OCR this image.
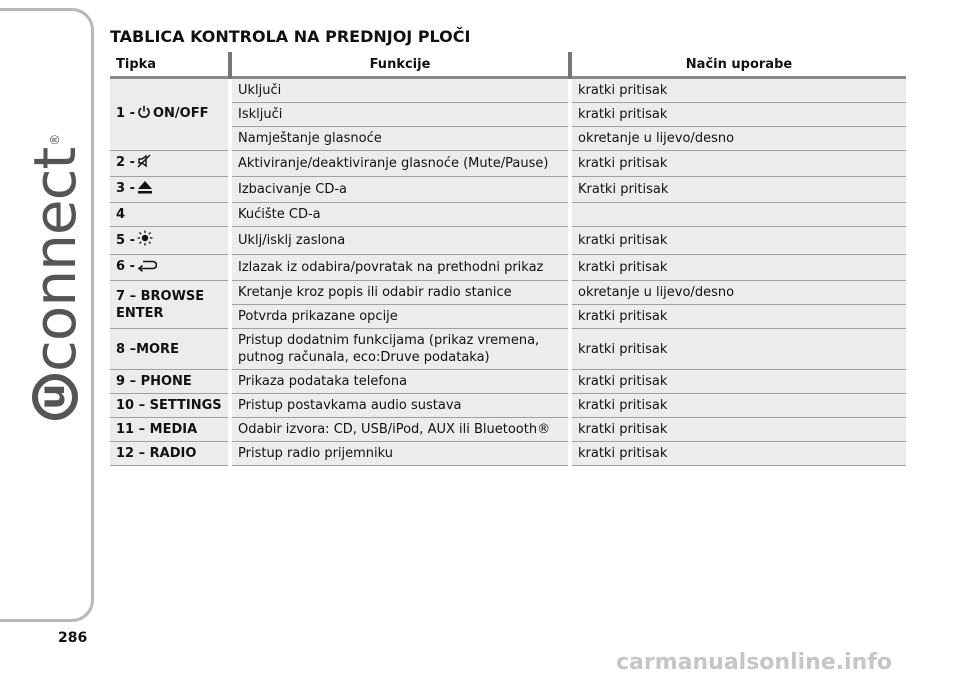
u
connect
®
TABLICA KONTROLA NA PREDNJOJ PLOČI
Tipka	Funkcije	Način uporabe
1 - ON/OFF	Uključi	kratki pritisak
	Isključi	kratki pritisak
	Namještanje glasnoće	okretanje u lijevo/desno
2 -	Aktiviranje/deaktiviranje glasnoće (Mute/Pause)	kratki pritisak
3 -	Izbacivanje CD-a	Kratki pritisak
4	Kućište CD-a	
5 -	Uklj/isklj zaslona	kratki pritisak
6 -	Izlazak iz odabira/povratak na prethodni prikaz	kratki pritisak
7 – BROWSE ENTER	Kretanje kroz popis ili odabir radio stanice	okretanje u lijevo/desno
	Potvrda prikazane opcije	kratki pritisak
8 –MORE	Pristup dodatnim funkcijama (prikaz vremena, putnog računala, eco:Druve podataka)	kratki pritisak
9 – PHONE	Prikaza podataka telefona	kratki pritisak
10 – SETTINGS	Pristup postavkama audio sustava	kratki pritisak
11 – MEDIA	Odabir izvora: CD, USB/iPod, AUX ili Bluetooth®	kratki pritisak
12 – RADIO	Pristup radio prijemniku	kratki pritisak
286
carmanualsonline.info
